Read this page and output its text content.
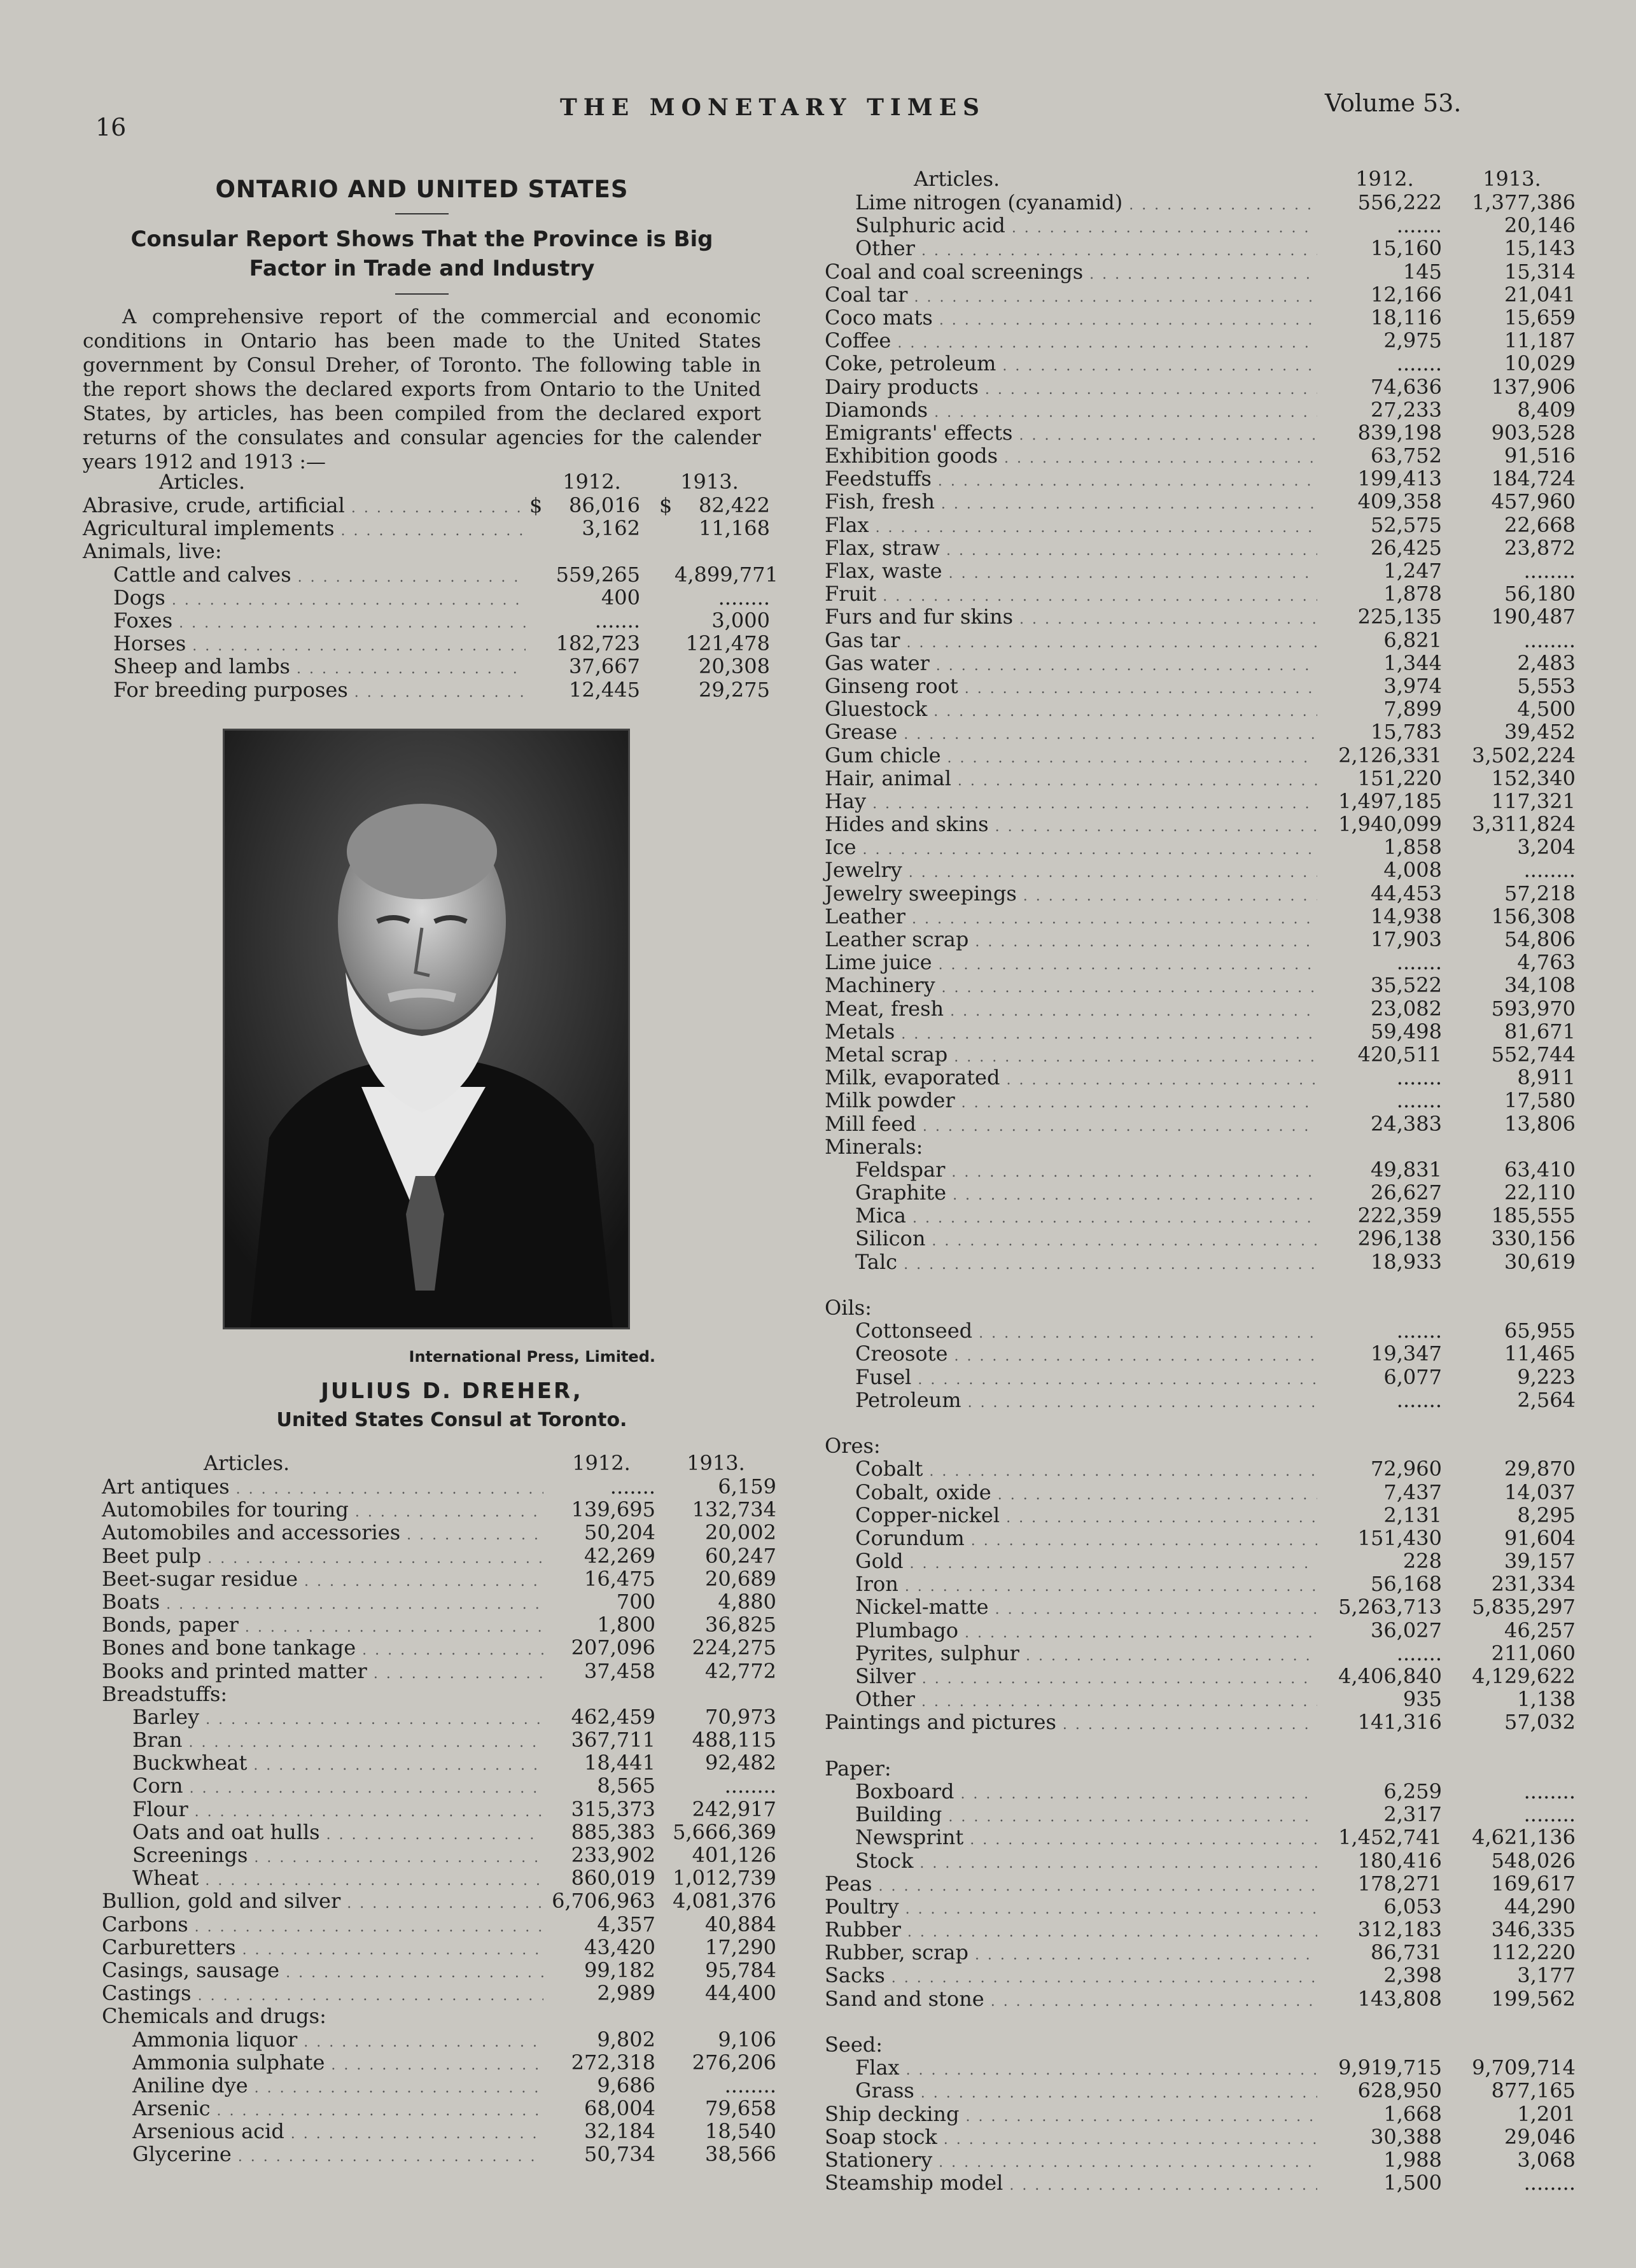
16
THE MONETARY TIMES	Volume 53.
ONTARIO AND UNITED STATES
Consular Report Shows That the Province is Big Factor in Trade and Industry
A comprehensive report of the commercial and economic conditions in Ontario has been made to the United States government by Consul Dreher, of Toronto. The following table in the report shows the declared exports from Ontario to the United States, by articles, has been compiled from the declared export returns of the consulates and consular agencies for the calender years 1912 and 1913 :—
Articles.	1912.	1913.
Abrasive, crude, artificial . . .	$	86,016 $	82,422
Agricultural implements . . .	3,162	11,168
Animals, live:
Cattle and calves . . .	559,265 4,899,771
Dogs . . .	400	........
Foxes . . .	.......	3,000
Horses . . .	182,723	121,478
Sheep and lambs . . .	37,667	20,308
For breeding purposes . . .	12,445	29,275
International Press, Limited.
JULIUS D. DREHER,
United States Consul at Toronto.
Articles.	1912.	1913.
Art antiques . . .	.......	6,159
Automobiles for touring . . .	139,695	132,734
Automobiles and accessories . . .	50,204	20,002
Beet pulp . . .	42,269	60,247
Beet-sugar residue . . .	16,475	20,689
Boats . . .	700	4,880
Bonds, paper . . .	1,800	36,825
Bones and bone tankage . . .	207,096	224,275
Books and printed matter . . .	37,458	42,772
Breadstuffs:
Barley . . .	462,459	70,973
Bran . . .	367,711	488,115
Buckwheat . . .	18,441	92,482
Corn . . .	8,565	........
Flour . . .	315,373	242,917
Oats and oat hulls . . .	885,383 5,666,369
Screenings . . .	233,902	401,126
Wheat . . .	860,019 1,012,739
Bullion, gold and silver . . .	6,706,963 4,081,376
Carbons . . .	4,357	40,884
Carburetters . . .	43,420	17,290
Casings, sausage . . .	99,182	95,784
Castings . . .	2,989	44,400
Chemicals and drugs:
Ammonia liquor . . .	9,802	9,106
Ammonia sulphate . . .	272,318	276,206
Aniline dye . . .	9,686	........
Arsenic . . .	68,004	79,658
Arsenious acid . . .	32,184	18,540
Glycerine . . .	50,734	38,566
Articles.	1912.	1913.
Lime nitrogen (cyanamid) . . .	556,222	1,377,386
Sulphuric acid . . .	.......	20,146
Other . . .	15,160	15,143
Coal and coal screenings . . .	145	15,314
Coal tar . . .	12,166	21,041
Coco mats . . .	18,116	15,659
Coffee . . .	2,975	11,187
Coke, petroleum . . .	.......	10,029
Dairy products . . .	74,636	137,906
Diamonds . . .	27,233	8,409
Emigrants' effects . . .	839,198	903,528
Exhibition goods . . .	63,752	91,516
Feedstuffs . . .	199,413	184,724
Fish, fresh . . .	409,358	457,960
Flax . . .	52,575	22,668
Flax, straw . . .	26,425	23,872
Flax, waste . . .	1,247	........
Fruit . . .	1,878	56,180
Furs and fur skins . . .	225,135	190,487
Gas tar . . .	6,821	........
Gas water . . .	1,344	2,483
Ginseng root . . .	3,974	5,553
Gluestock . . .	7,899	4,500
Grease . . .	15,783	39,452
Gum chicle . . .	2,126,331	3,502,224
Hair, animal . . .	151,220	152,340
Hay . . .	1,497,185	117,321
Hides and skins . . .	1,940,099	3,311,824
Ice . . .	1,858	3,204
Jewelry . . .	4,008	........
Jewelry sweepings . . .	44,453	57,218
Leather . . .	14,938	156,308
Leather scrap . . .	17,903	54,806
Lime juice . . .	.......	4,763
Machinery . . .	35,522	34,108
Meat, fresh . . .	23,082	593,970
Metals . . .	59,498	81,671
Metal scrap . . .	420,511	552,744
Milk, evaporated . . .	.......	8,911
Milk powder . . .	.......	17,580
Mill feed . . .	24,383	13,806
Minerals:
Feldspar . . .	49,831	63,410
Graphite . . .	26,627	22,110
Mica . . .	222,359	185,555
Silicon . . .	296,138	330,156
Talc . . .	18,933	30,619
Oils:
Cottonseed . . .	.......	65,955
Creosote . . .	19,347	11,465
Fusel . . .	6,077	9,223
Petroleum . . .	.......	2,564
Ores:
Cobalt . . .	72,960	29,870
Cobalt, oxide . . .	7,437	14,037
Copper-nickel . . .	2,131	8,295
Corundum . . .	151,430	91,604
Gold . . .	228	39,157
Iron . . .	56,168	231,334
Nickel-matte . . .	5,263,713	5,835,297
Plumbago . . .	36,027	46,257
Pyrites, sulphur . . .	.......	211,060
Silver . . .	4,406,840	4,129,622
Other . . .	935	1,138
Paintings and pictures . . .	141,316	57,032
Paper:
Boxboard . . .	6,259	........
Building . . .	2,317	........
Newsprint . . .	1,452,741	4,621,136
Stock . . .	180,416	548,026
Peas . . .	178,271	169,617
Poultry . . .	6,053	44,290
Rubber . . .	312,183	346,335
Rubber, scrap . . .	86,731	112,220
Sacks . . .	2,398	3,177
Sand and stone . . .	143,808	199,562
Seed:
Flax . . .	9,919,715	9,709,714
Grass . . .	628,950	877,165
Ship decking . . .	1,668	1,201
Soap stock . . .	30,388	29,046
Stationery . . .	1,988	3,068
Steamship model . . .	1,500	........
